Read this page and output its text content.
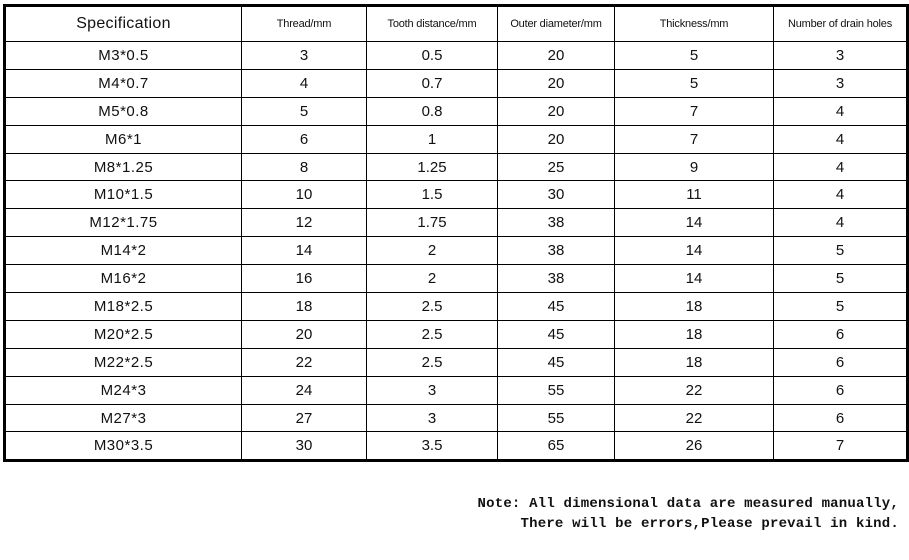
Specification	Thread/mm	Tooth distance/mm	Outer diameter/mm	Thickness/mm	Number of drain holes
M3*0.5	3	0.5	20	5	3
M4*0.7	4	0.7	20	5	3
M5*0.8	5	0.8	20	7	4
M6*1	6	1	20	7	4
M8*1.25	8	1.25	25	9	4
M10*1.5	10	1.5	30	11	4
M12*1.75	12	1.75	38	14	4
M14*2	14	2	38	14	5
M16*2	16	2	38	14	5
M18*2.5	18	2.5	45	18	5
M20*2.5	20	2.5	45	18	6
M22*2.5	22	2.5	45	18	6
M24*3	24	3	55	22	6
M27*3	27	3	55	22	6
M30*3.5	30	3.5	65	26	7
Note: All dimensional data are measured manually,
There will be errors,Please prevail in kind.
